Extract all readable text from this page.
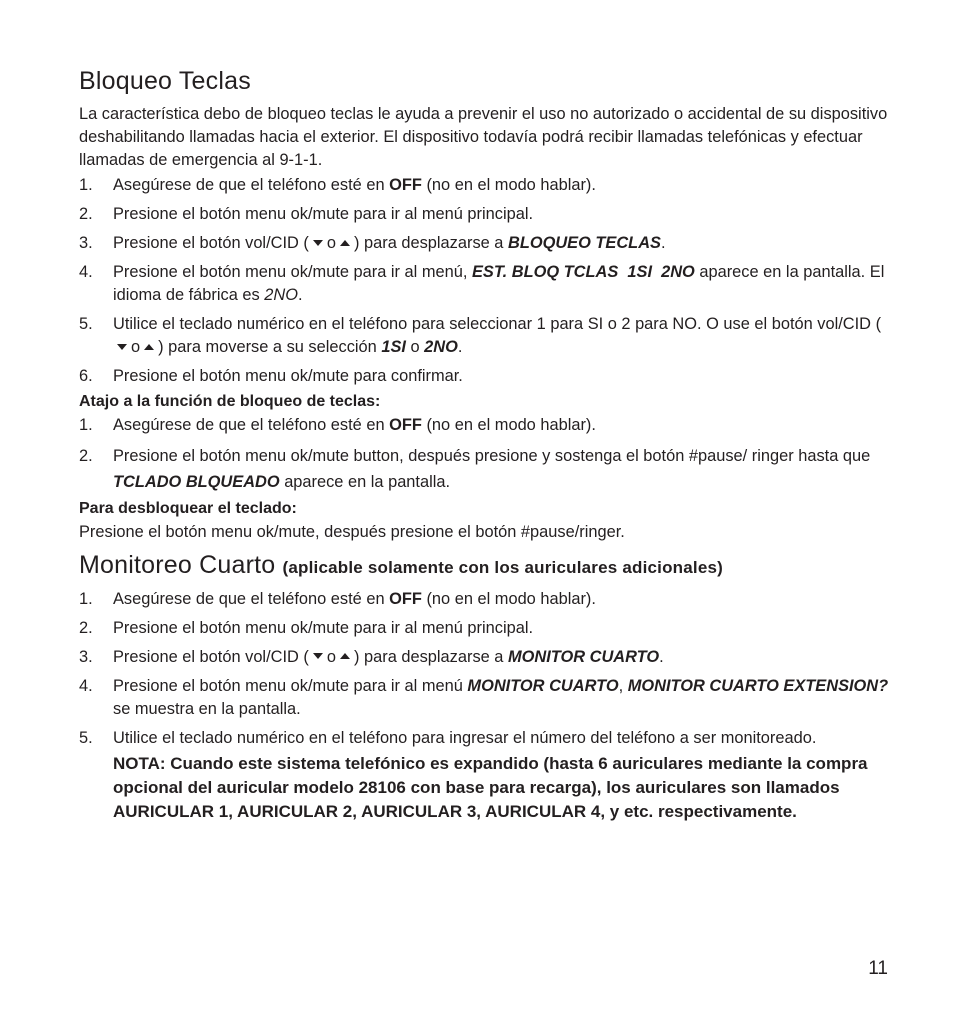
Bloqueo Teclas

La característica debo de bloqueo teclas le ayuda a prevenir el uso no autorizado o accidental de su dispositivo deshabilitando llamadas hacia el exterior. El dispositivo todavía podrá recibir llamadas telefónicas y efectuar llamadas de emergencia al 9-1-1.

1. Asegúrese de que el teléfono esté en OFF (no en el modo hablar).
2. Presione el botón menu ok/mute para ir al menú principal.
3. Presione el botón vol/CID ( o ) para desplazarse a BLOQUEO TECLAS.
4. Presione el botón menu ok/mute para ir al menú, EST. BLOQ TCLAS  1SI  2NO aparece en la pantalla. El idioma de fábrica es 2NO.
5. Utilice el teclado numérico en el teléfono para seleccionar 1 para SI o 2 para NO. O use el botón vol/CID (o ) para moverse a su selección 1SI o 2NO.
6. Presione el botón menu ok/mute para confirmar.
Atajo a la función de bloqueo de teclas:
1. Asegúrese de que el teléfono esté en OFF (no en el modo hablar).
2. Presione el botón menu ok/mute button, después presione y sostenga el botón #pause/ ringer hasta que TCLADO BLQUEADO aparece en la pantalla.
Para desbloquear el teclado:

Presione el botón menu ok/mute, después presione el botón #pause/ringer.

Monitoreo Cuarto (aplicable solamente con los auriculares adicionales)
1. Asegúrese de que el teléfono esté en OFF (no en el modo hablar).
2. Presione el botón menu ok/mute para ir al menú principal.
3. Presione el botón vol/CID ( o ) para desplazarse a MONITOR CUARTO.
4. Presione el botón menu ok/mute para ir al menú MONITOR CUARTO, MONITOR CUARTO EXTENSION? se muestra en la pantalla.
5. Utilice el teclado numérico en el teléfono para ingresar el número del teléfono a ser monitoreado.
NOTA: Cuando este sistema telefónico es expandido (hasta 6 auriculares mediante la compra opcional del auricular modelo 28106 con base para recarga), los auriculares son llamados AURICULAR 1, AURICULAR 2, AURICULAR 3, AURICULAR 4, y etc. respectivamente.
11
